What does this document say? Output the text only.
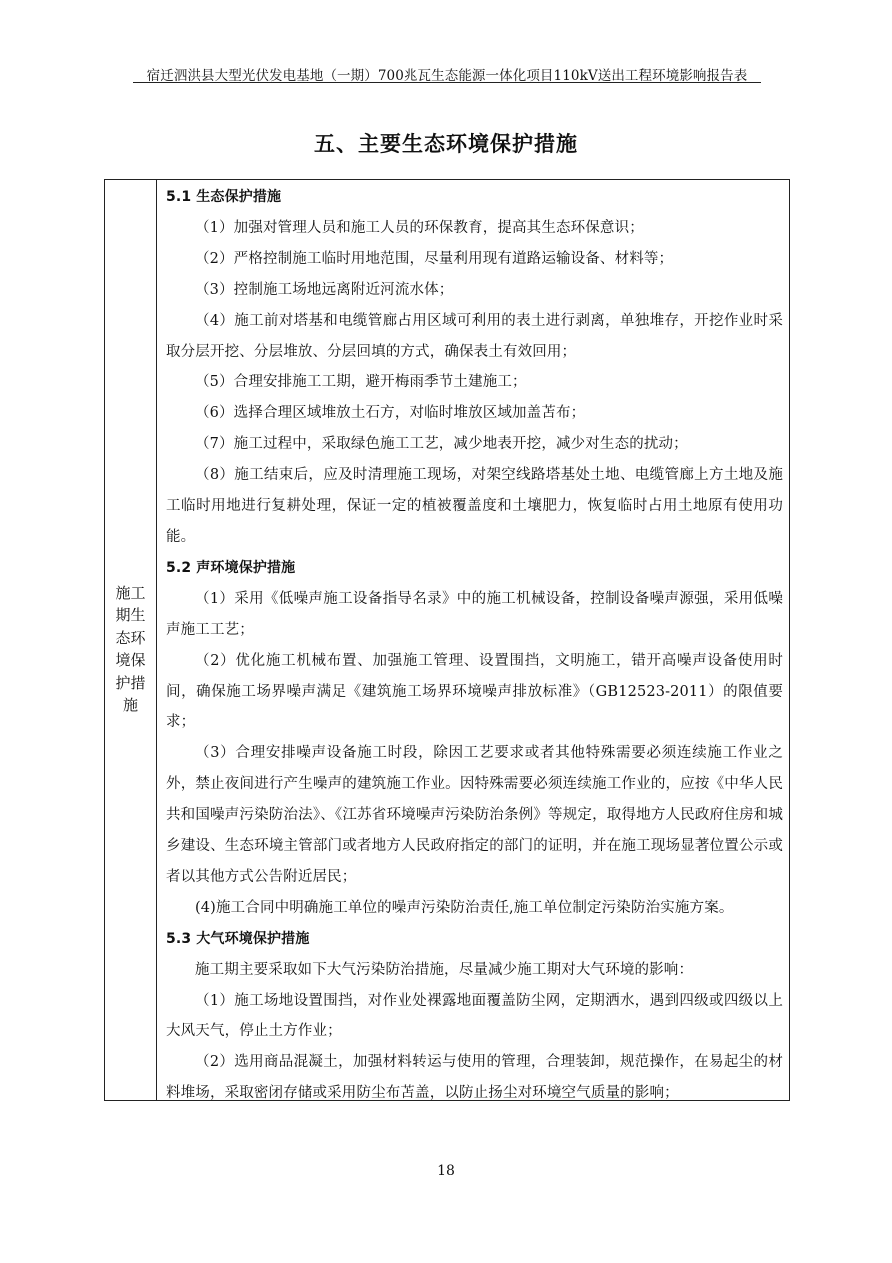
宿迁泗洪县大型光伏发电基地（一期）700兆瓦生态能源一体化项目110kV送出工程环境影响报告表
五、主要生态环境保护措施
施工期生态环境保护措施
5.1 生态保护措施

（1）加强对管理人员和施工人员的环保教育，提高其生态环保意识；

（2）严格控制施工临时用地范围，尽量利用现有道路运输设备、材料等；

（3）控制施工场地远离附近河流水体；

（4）施工前对塔基和电缆管廊占用区域可利用的表土进行剥离，单独堆存，开挖作业时采取分层开挖、分层堆放、分层回填的方式，确保表土有效回用；

（5）合理安排施工工期，避开梅雨季节土建施工；

（6）选择合理区域堆放土石方，对临时堆放区域加盖苫布；

（7）施工过程中，采取绿色施工工艺，减少地表开挖，减少对生态的扰动；

（8）施工结束后，应及时清理施工现场，对架空线路塔基处土地、电缆管廊上方土地及施工临时用地进行复耕处理，保证一定的植被覆盖度和土壤肥力，恢复临时占用土地原有使用功能。

5.2 声环境保护措施

（1）采用《低噪声施工设备指导名录》中的施工机械设备，控制设备噪声源强，采用低噪声施工工艺；

（2）优化施工机械布置、加强施工管理、设置围挡，文明施工，错开高噪声设备使用时间，确保施工场界噪声满足《建筑施工场界环境噪声排放标准》（GB12523-2011）的限值要求；

（3）合理安排噪声设备施工时段，除因工艺要求或者其他特殊需要必须连续施工作业之外，禁止夜间进行产生噪声的建筑施工作业。因特殊需要必须连续施工作业的，应按《中华人民共和国噪声污染防治法》、《江苏省环境噪声污染防治条例》等规定，取得地方人民政府住房和城乡建设、生态环境主管部门或者地方人民政府指定的部门的证明，并在施工现场显著位置公示或者以其他方式公告附近居民；

(4)施工合同中明确施工单位的噪声污染防治责任,施工单位制定污染防治实施方案。

5.3 大气环境保护措施

施工期主要采取如下大气污染防治措施，尽量减少施工期对大气环境的影响：

（1）施工场地设置围挡，对作业处裸露地面覆盖防尘网，定期洒水，遇到四级或四级以上大风天气，停止土方作业；

（2）选用商品混凝土，加强材料转运与使用的管理，合理装卸，规范操作，在易起尘的材料堆场，采取密闭存储或采用防尘布苫盖，以防止扬尘对环境空气质量的影响；

18
